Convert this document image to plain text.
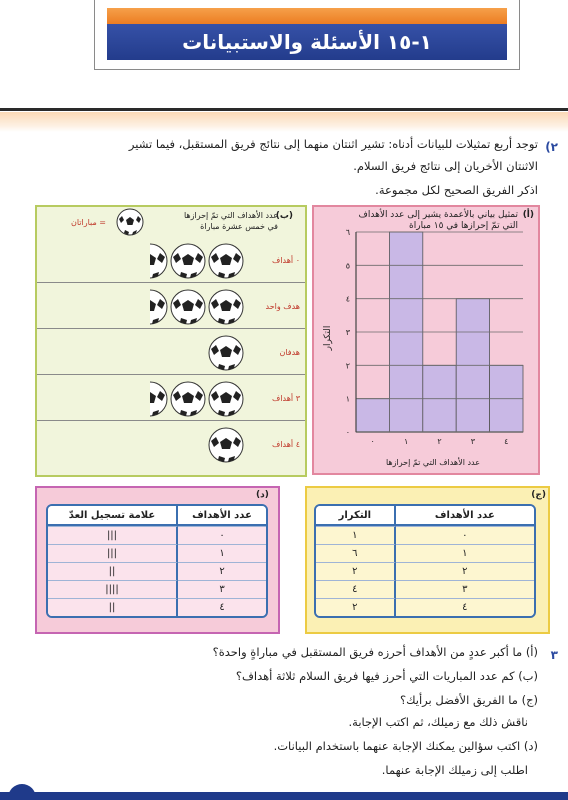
١-١٥ الأسئلة والاستبيانات
٢)
توجد أربع تمثيلات للبيانات أدناه: تشير اثنتان منهما إلى نتائج فريق المستقبل، فيما تشير
الاثنتان الأخريان إلى نتائج فريق السلام.
اذكر الفريق الصحيح لكل مجموعة.
(أ)
تمثيل بياني بالأعمدة يشير إلى عدد الأهداف التي تمّ إحرازها في ١٥ مباراة
٠
١
٢
٣
٤
٥
٦
٠	١	٢	٣	٤
التكرار
عدد الأهداف التي تمّ إحرازها
(ب)
عدد الأهداف التي تمّ إحرازها في خمس عشرة مباراة
= مباراتان
٠ أهداف
هدف واحد
هدفان
٣ أهداف
٤ أهداف
(د)
عدد الأهداف	علامة تسجيل العدّ
٠	|||
١	|||
٢	||
٣	||||
٤	||
(ج)
عدد الأهداف	التكرار
٠	١
١	٦
٢	٢
٣	٤
٤	٢
٣
(أ) ما أكبر عددٍ من الأهداف أحرزه فريق المستقبل في مباراةٍ واحدة؟
(ب) كم عدد المباريات التي أحرز فيها فريق السلام ثلاثة أهداف؟
(ج) ما الفريق الأفضل برأيك؟
ناقش ذلك مع زميلك، ثم اكتب الإجابة.
(د) اكتب سؤالين يمكنك الإجابة عنهما باستخدام البيانات.
اطلب إلى زميلك الإجابة عنهما.
